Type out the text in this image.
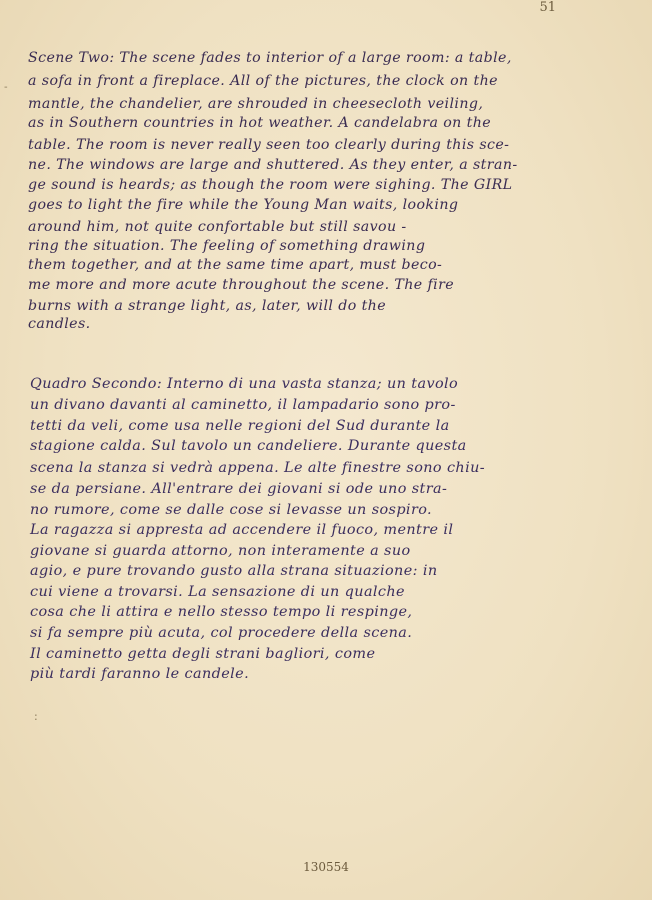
51
-
Scene Two: The scene fades to interior of a large room: a table,
a sofa in front a fireplace. All of the pictures, the clock on the
mantle, the chandelier, are shrouded in cheesecloth veiling,
as in Southern countries in hot weather. A candelabra on the
table. The room is never really seen too clearly during this sce-
ne. The windows are large and shuttered. As they enter, a stran-
ge sound is heards; as though the room were sighing. The GIRL
goes to light the fire while the Young Man waits, looking
around him, not quite confortable but still savou -
ring the situation. The feeling of something drawing
them together, and at the same time apart, must beco-
me more and more acute throughout the scene. The fire
burns with a strange light, as, later, will do the
candles.
Quadro Secondo: Interno di una vasta stanza; un tavolo
un divano davanti al caminetto, il lampadario sono pro-
tetti da veli, come usa nelle regioni del Sud durante la
stagione calda. Sul tavolo un candeliere. Durante questa
scena la stanza si vedrà appena. Le alte finestre sono chiu-
se da persiane. All'entrare dei giovani si ode uno stra-
no rumore, come se dalle cose si levasse un sospiro.
La ragazza si appresta ad accendere il fuoco, mentre il
giovane si guarda attorno, non interamente a suo
agio, e pure trovando gusto alla strana situazione: in
cui viene a trovarsi. La sensazione di un qualche
cosa che li attira e nello stesso tempo li respinge,
si fa sempre più acuta, col procedere della scena.
Il caminetto getta degli strani bagliori, come
più tardi faranno le candele.
:
130554
